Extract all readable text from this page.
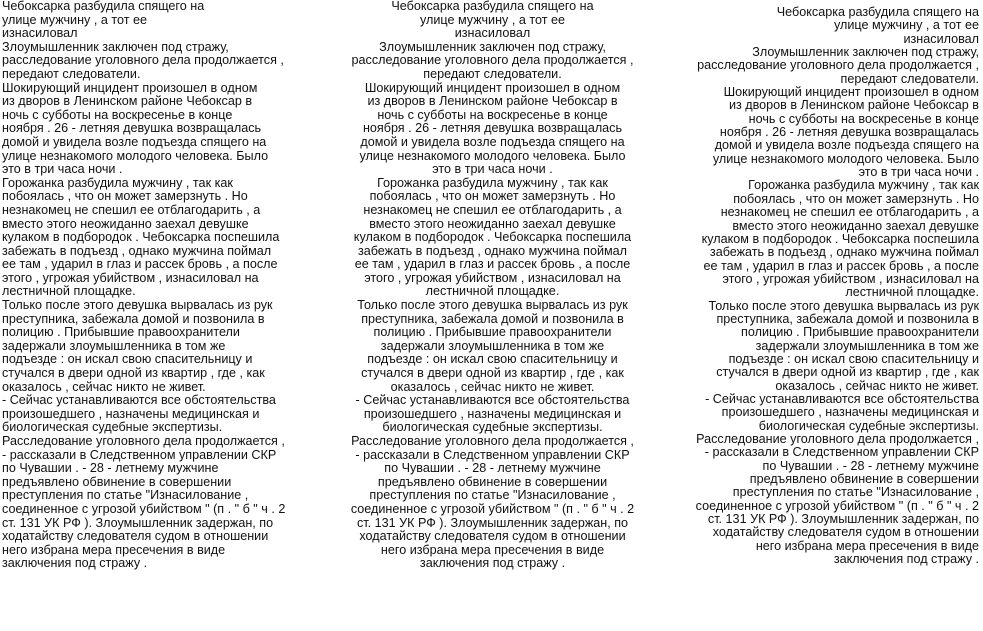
Чебоксарка разбудила спящего на
улице мужчину , а тот ее
изнасиловал
Злоумышленник заключен под стражу,
расследование уголовного дела продолжается ,
передают следователи.
Шокирующий инцидент произошел в одном
из дворов в Ленинском районе Чебоксар в
ночь с субботы на воскресенье в конце
ноября . 26 - летняя девушка возвращалась
домой и увидела возле подъезда спящего на
улице незнакомого молодого человека. Было
это в три часа ночи .
Горожанка разбудила мужчину , так как
побоялась , что он может замерзнуть . Но
незнакомец не спешил ее отблагодарить , а
вместо этого неожиданно заехал девушке
кулаком в подбородок . Чебоксарка поспешила
забежать в подъезд , однако мужчина поймал
ее там , ударил в глаз и рассек бровь , а после
этого , угрожая убийством , изнасиловал на
лестничной площадке.
Только после этого девушка вырвалась из рук
преступника, забежала домой и позвонила в
полицию . Прибывшие правоохранители
задержали злоумышленника в том же
подъезде : он искал свою спасительницу и
стучался в двери одной из квартир , где , как
оказалось , сейчас никто не живет.
- Сейчас устанавливаются все обстоятельства
произошедшего , назначены медицинская и
биологическая судебные экспертизы.
Расследование уголовного дела продолжается ,
- рассказали в Следственном управлении СКР
по Чувашии . - 28 - летнему мужчине
предъявлено обвинение в совершении
преступления по статье "Изнасилование ,
соединенное с угрозой убийством " (п . " б " ч . 2
ст. 131 УК РФ ). Злоумышленник задержан, по
ходатайству следователя судом в отношении
него избрана мера пресечения в виде
заключения под стражу .
Чебоксарка разбудила спящего на
улице мужчину , а тот ее
изнасиловал
Злоумышленник заключен под стражу,
расследование уголовного дела продолжается ,
передают следователи.
Шокирующий инцидент произошел в одном
из дворов в Ленинском районе Чебоксар в
ночь с субботы на воскресенье в конце
ноября . 26 - летняя девушка возвращалась
домой и увидела возле подъезда спящего на
улице незнакомого молодого человека. Было
это в три часа ночи .
Горожанка разбудила мужчину , так как
побоялась , что он может замерзнуть . Но
незнакомец не спешил ее отблагодарить , а
вместо этого неожиданно заехал девушке
кулаком в подбородок . Чебоксарка поспешила
забежать в подъезд , однако мужчина поймал
ее там , ударил в глаз и рассек бровь , а после
этого , угрожая убийством , изнасиловал на
лестничной площадке.
Только после этого девушка вырвалась из рук
преступника, забежала домой и позвонила в
полицию . Прибывшие правоохранители
задержали злоумышленника в том же
подъезде : он искал свою спасительницу и
стучался в двери одной из квартир , где , как
оказалось , сейчас никто не живет.
- Сейчас устанавливаются все обстоятельства
произошедшего , назначены медицинская и
биологическая судебные экспертизы.
Расследование уголовного дела продолжается ,
- рассказали в Следственном управлении СКР
по Чувашии . - 28 - летнему мужчине
предъявлено обвинение в совершении
преступления по статье "Изнасилование ,
соединенное с угрозой убийством " (п . " б " ч . 2
ст. 131 УК РФ ). Злоумышленник задержан, по
ходатайству следователя судом в отношении
него избрана мера пресечения в виде
заключения под стражу .
Чебоксарка разбудила спящего на
улице мужчину , а тот ее
изнасиловал
Злоумышленник заключен под стражу,
расследование уголовного дела продолжается ,
передают следователи.
Шокирующий инцидент произошел в одном
из дворов в Ленинском районе Чебоксар в
ночь с субботы на воскресенье в конце
ноября . 26 - летняя девушка возвращалась
домой и увидела возле подъезда спящего на
улице незнакомого молодого человека. Было
это в три часа ночи .
Горожанка разбудила мужчину , так как
побоялась , что он может замерзнуть . Но
незнакомец не спешил ее отблагодарить , а
вместо этого неожиданно заехал девушке
кулаком в подбородок . Чебоксарка поспешила
забежать в подъезд , однако мужчина поймал
ее там , ударил в глаз и рассек бровь , а после
этого , угрожая убийством , изнасиловал на
лестничной площадке.
Только после этого девушка вырвалась из рук
преступника, забежала домой и позвонила в
полицию . Прибывшие правоохранители
задержали злоумышленника в том же
подъезде : он искал свою спасительницу и
стучался в двери одной из квартир , где , как
оказалось , сейчас никто не живет.
- Сейчас устанавливаются все обстоятельства
произошедшего , назначены медицинская и
биологическая судебные экспертизы.
Расследование уголовного дела продолжается ,
- рассказали в Следственном управлении СКР
по Чувашии . - 28 - летнему мужчине
предъявлено обвинение в совершении
преступления по статье "Изнасилование ,
соединенное с угрозой убийством " (п . " б " ч . 2
ст. 131 УК РФ ). Злоумышленник задержан, по
ходатайству следователя судом в отношении
него избрана мера пресечения в виде
заключения под стражу .
